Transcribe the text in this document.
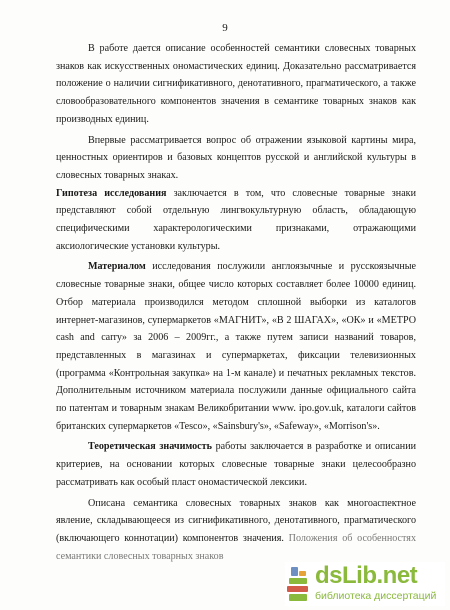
9

В работе дается описание особенностей семантики словесных товарных знаков как искусственных ономастических единиц. Доказательно рассматривается положение о наличии сигнификативного, денотативного, прагматического, а также словообразовательного компонентов значения в семантике товарных знаков как производных единиц.

Впервые рассматривается вопрос об отражении языковой картины мира, ценностных ориентиров и базовых концептов русской и английской культуры в словесных товарных знаках.

Гипотеза исследования заключается в том, что словесные товарные знаки представляют собой отдельную лингвокультурную область, обладающую специфическими характерологическими признаками, отражающими аксиологические установки культуры.

Материалом исследования послужили англоязычные и русскоязычные словесные товарные знаки, общее число которых составляет более 10000 единиц. Отбор материала производился методом сплошной выборки из каталогов интернет-магазинов, супермаркетов «МАГНИТ», «В 2 ШАГАХ», «ОК» и «МЕТРО cash and carry» за 2006 – 2009гг., а также путем записи названий товаров, представленных в магазинах и супермаркетах, фиксации телевизионных (программа «Контрольная закупка» на 1-м канале) и печатных рекламных текстов. Дополнительным источником материала послужили данные официального сайта по патентам и товарным знакам Великобритании www. ipo.gov.uk, каталоги сайтов британских супермаркетов «Tesco», «Sainsbury's», «Safeway», «Morrison's».

Теоретическая значимость работы заключается в разработке и описании критериев, на основании которых словесные товарные знаки целесообразно рассматривать как особый пласт ономастической лексики.

Описана семантика словесных товарных знаков как многоаспектное явление, складывающееся из сигнификативного, денотативного, прагматического (включающего коннотации) компонентов значения. Положения об особенностях семантики словесных товарных знаков

dsLib.net
библиотека диссертаций
